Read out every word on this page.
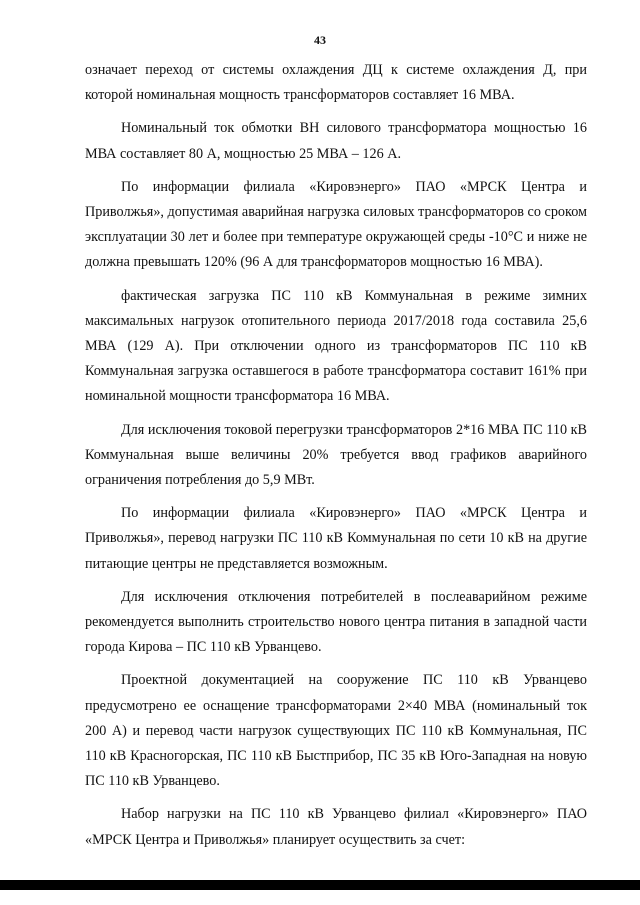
43

означает переход от системы охлаждения ДЦ к системе охлаждения Д, при которой номинальная мощность трансформаторов составляет 16 МВА.

Номинальный ток обмотки ВН силового трансформатора мощностью 16 МВА составляет 80 А, мощностью 25 МВА – 126 А.

По информации филиала «Кировэнерго» ПАО «МРСК Центра и Приволжья», допустимая аварийная нагрузка силовых трансформаторов со сроком эксплуатации 30 лет и более при температуре окружающей среды -10°С и ниже не должна превышать 120% (96 А для трансформаторов мощностью 16 МВА).

фактическая загрузка ПС 110 кВ Коммунальная в режиме зимних максимальных нагрузок отопительного периода 2017/2018 года составила 25,6 МВА (129 А). При отключении одного из трансформаторов ПС 110 кВ Коммунальная загрузка оставшегося в работе трансформатора составит 161% при номинальной мощности трансформатора 16 МВА.

Для исключения токовой перегрузки трансформаторов 2*16 МВА ПС 110 кВ Коммунальная выше величины 20% требуется ввод графиков аварийного ограничения потребления до 5,9 МВт.

По информации филиала «Кировэнерго» ПАО «МРСК Центра и Приволжья», перевод нагрузки ПС 110 кВ Коммунальная по сети 10 кВ на другие питающие центры не представляется возможным.

Для исключения отключения потребителей в послеаварийном режиме рекомендуется выполнить строительство нового центра питания в западной части города Кирова – ПС 110 кВ Урванцево.

Проектной документацией на сооружение ПС 110 кВ Урванцево предусмотрено ее оснащение трансформаторами 2×40 МВА (номинальный ток 200 А) и перевод части нагрузок существующих ПС 110 кВ Коммунальная, ПС 110 кВ Красногорская, ПС 110 кВ Быстприбор, ПС 35 кВ Юго-Западная на новую ПС 110 кВ Урванцево.

Набор нагрузки на ПС 110 кВ Урванцево филиал «Кировэнерго» ПАО «МРСК Центра и Приволжья» планирует осуществить за счет:
